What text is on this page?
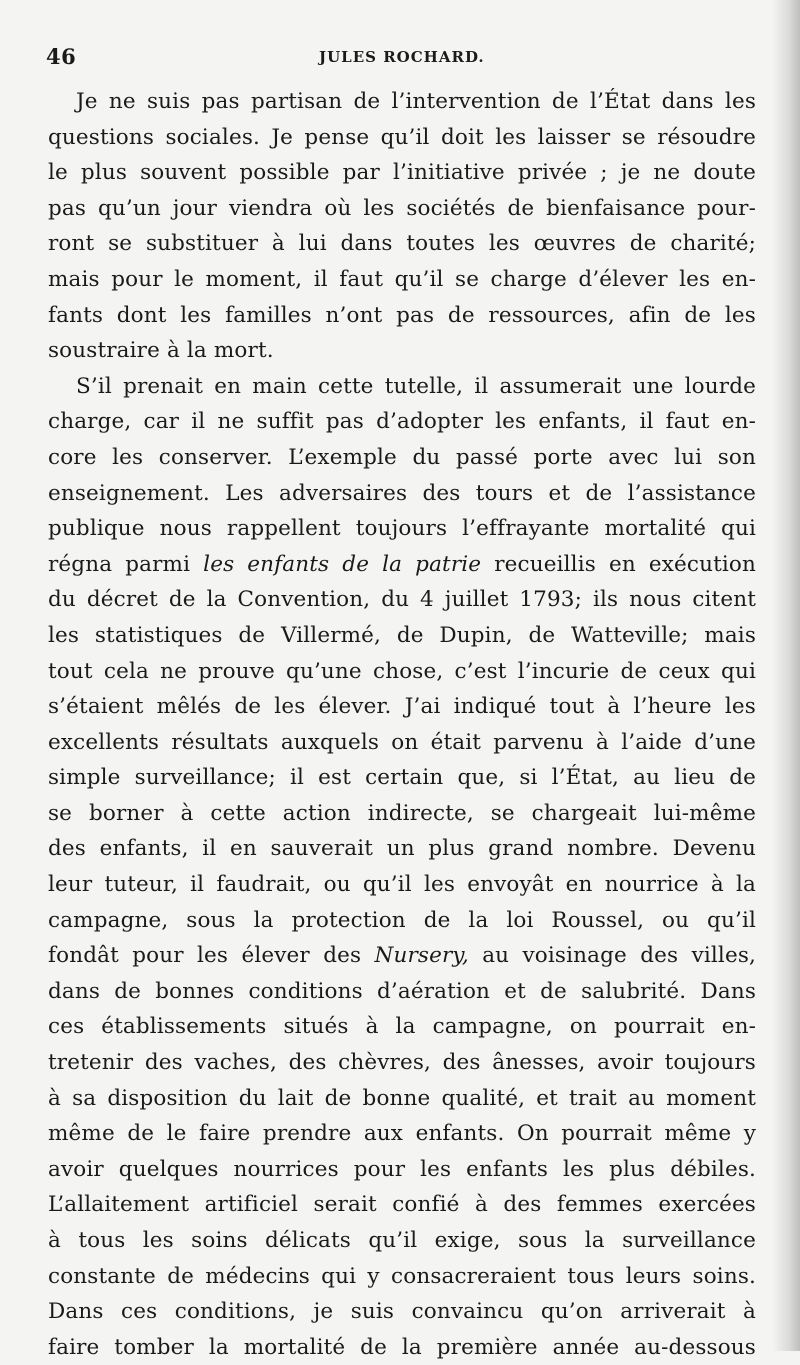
46	JULES ROCHARD.
Je ne suis pas partisan de l’intervention de l’État dans les
questions sociales. Je pense qu’il doit les laisser se résoudre
le plus souvent possible par l’initiative privée ; je ne doute
pas qu’un jour viendra où les sociétés de bienfaisance pour-
ront se substituer à lui dans toutes les œuvres de charité;
mais pour le moment, il faut qu’il se charge d’élever les en-
fants dont les familles n’ont pas de ressources, afin de les
soustraire à la mort.
S’il prenait en main cette tutelle, il assumerait une lourde
charge, car il ne suffit pas d’adopter les enfants, il faut en-
core les conserver. L’exemple du passé porte avec lui son
enseignement. Les adversaires des tours et de l’assistance
publique nous rappellent toujours l’effrayante mortalité qui
régna parmi les enfants de la patrie recueillis en exécution
du décret de la Convention, du 4 juillet 1793; ils nous citent
les statistiques de Villermé, de Dupin, de Watteville; mais
tout cela ne prouve qu’une chose, c’est l’incurie de ceux qui
s’étaient mêlés de les élever. J’ai indiqué tout à l’heure les
excellents résultats auxquels on était parvenu à l’aide d’une
simple surveillance; il est certain que, si l’État, au lieu de
se borner à cette action indirecte, se chargeait lui-même
des enfants, il en sauverait un plus grand nombre. Devenu
leur tuteur, il faudrait, ou qu’il les envoyât en nourrice à la
campagne, sous la protection de la loi Roussel, ou qu’il
fondât pour les élever des Nursery, au voisinage des villes,
dans de bonnes conditions d’aération et de salubrité. Dans
ces établissements situés à la campagne, on pourrait en-
tretenir des vaches, des chèvres, des ânesses, avoir toujours
à sa disposition du lait de bonne qualité, et trait au moment
même de le faire prendre aux enfants. On pourrait même y
avoir quelques nourrices pour les enfants les plus débiles.
L’allaitement artificiel serait confié à des femmes exercées
à tous les soins délicats qu’il exige, sous la surveillance
constante de médecins qui y consacreraient tous leurs soins.
Dans ces conditions, je suis convaincu qu’on arriverait à
faire tomber la mortalité de la première année au-dessous
